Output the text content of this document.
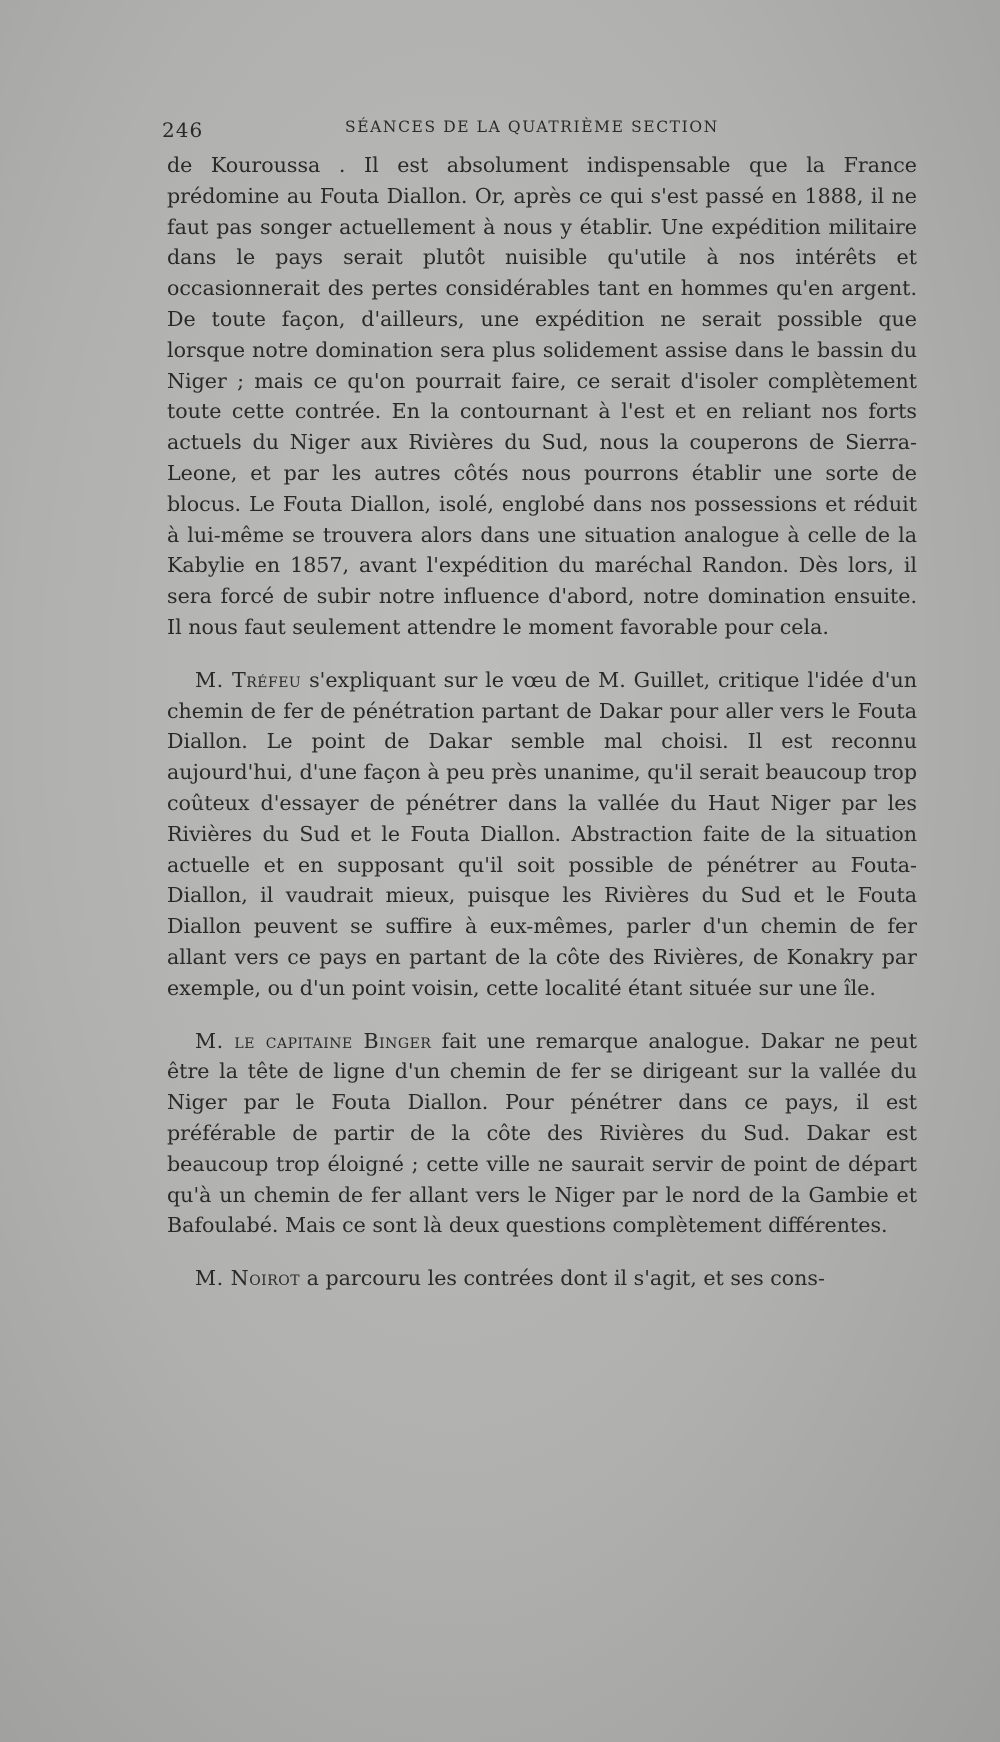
246	SÉANCES DE LA QUATRIÈME SECTION

de Kouroussa . Il est absolument indispensable que la France prédomine au Fouta Diallon. Or, après ce qui s'est passé en 1888, il ne faut pas songer actuellement à nous y établir. Une expédition militaire dans le pays serait plutôt nuisible qu'utile à nos intérêts et occasionnerait des pertes considérables tant en hommes qu'en argent. De toute façon, d'ailleurs, une expédition ne serait possible que lorsque notre domination sera plus solidement assise dans le bassin du Niger ; mais ce qu'on pourrait faire, ce serait d'isoler complètement toute cette contrée. En la contournant à l'est et en reliant nos forts actuels du Niger aux Rivières du Sud, nous la couperons de Sierra-Leone, et par les autres côtés nous pourrons établir une sorte de blocus. Le Fouta Diallon, isolé, englobé dans nos possessions et réduit à lui-même se trouvera alors dans une situation analogue à celle de la Kabylie en 1857, avant l'expédition du maréchal Randon. Dès lors, il sera forcé de subir notre influence d'abord, notre domination ensuite. Il nous faut seulement attendre le moment favorable pour cela.

M. Tréfeu s'expliquant sur le vœu de M. Guillet, critique l'idée d'un chemin de fer de pénétration partant de Dakar pour aller vers le Fouta Diallon. Le point de Dakar semble mal choisi. Il est reconnu aujourd'hui, d'une façon à peu près unanime, qu'il serait beaucoup trop coûteux d'essayer de pénétrer dans la vallée du Haut Niger par les Rivières du Sud et le Fouta Diallon. Abstraction faite de la situation actuelle et en supposant qu'il soit possible de pénétrer au Fouta-Diallon, il vaudrait mieux, puisque les Rivières du Sud et le Fouta Diallon peuvent se suffire à eux-mêmes, parler d'un chemin de fer allant vers ce pays en partant de la côte des Rivières, de Konakry par exemple, ou d'un point voisin, cette localité étant située sur une île.

M. le capitaine Binger fait une remarque analogue. Dakar ne peut être la tête de ligne d'un chemin de fer se dirigeant sur la vallée du Niger par le Fouta Diallon. Pour pénétrer dans ce pays, il est préférable de partir de la côte des Rivières du Sud. Dakar est beaucoup trop éloigné ; cette ville ne saurait servir de point de départ qu'à un chemin de fer allant vers le Niger par le nord de la Gambie et Bafoulabé. Mais ce sont là deux questions complètement différentes.

M. Noirot a parcouru les contrées dont il s'agit, et ses cons-
